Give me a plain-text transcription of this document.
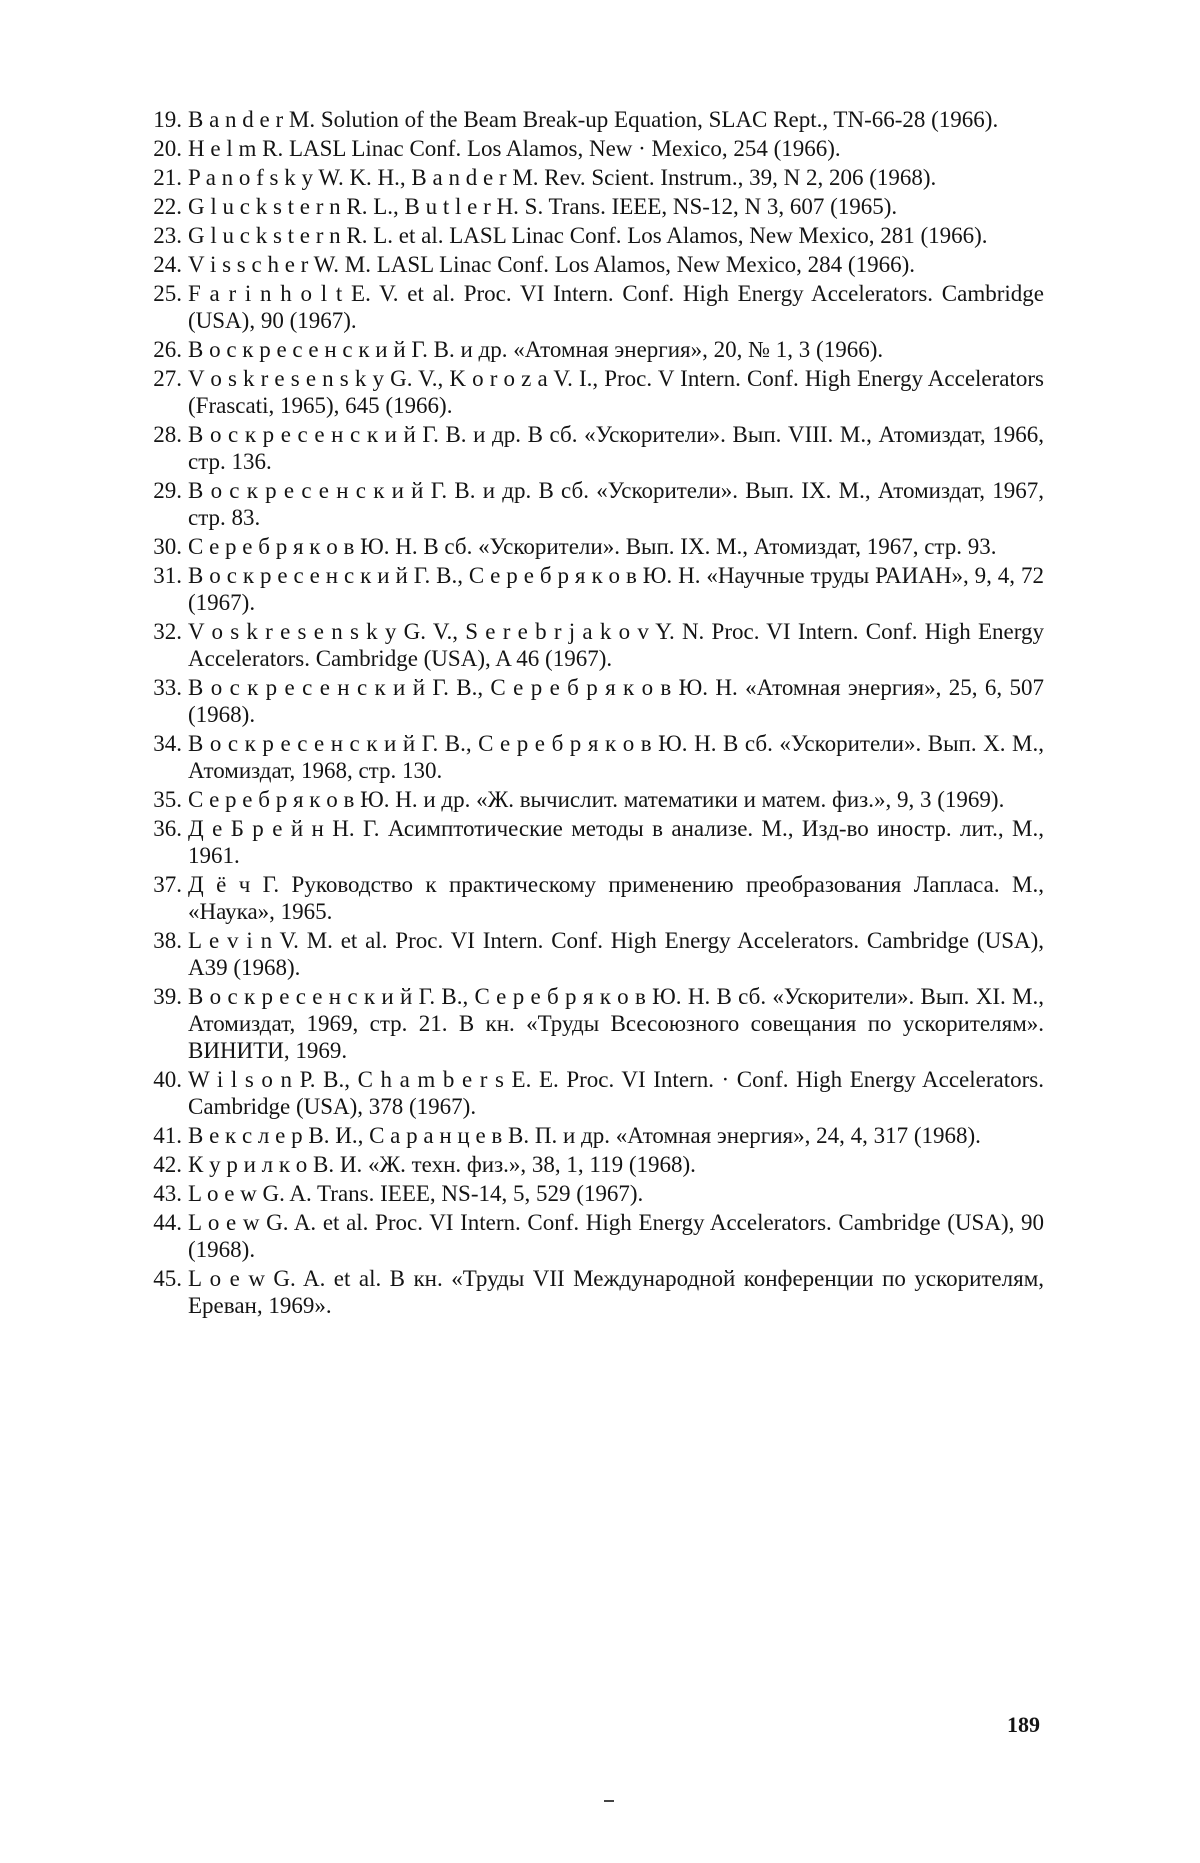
19. B a n d e r M. Solution of the Beam Break-up Equation, SLAC Rept., TN-66-28 (1966).
20. H e l m R. LASL Linac Conf. Los Alamos, New · Mexico, 254 (1966).
21. P a n o f s k y W. K. H., B a n d e r M. Rev. Scient. Instrum., 39, N 2, 206 (1968).
22. G l u c k s t e r n R. L., B u t l e r H. S. Trans. IEEE, NS-12, N 3, 607 (1965).
23. G l u c k s t e r n R. L. et al. LASL Linac Conf. Los Alamos, New Mexico, 281 (1966).
24. V i s s c h e r W. M. LASL Linac Conf. Los Alamos, New Mexico, 284 (1966).
25. F a r i n h o l t E. V. et al. Proc. VI Intern. Conf. High Energy Accelerators. Cambridge (USA), 90 (1967).
26. В о с к р е с е н с к и й Г. В. и др. «Атомная энергия», 20, № 1, 3 (1966).
27. V o s k r e s e n s k y G. V., K o r o z a V. I., Proc. V Intern. Conf. High Energy Accelerators (Frascati, 1965), 645 (1966).
28. В о с к р е с е н с к и й Г. В. и др. В сб. «Ускорители». Вып. VIII. М., Атомиздат, 1966, стр. 136.
29. В о с к р е с е н с к и й Г. В. и др. В сб. «Ускорители». Вып. IX. М., Атомиздат, 1967, стр. 83.
30. С е р е б р я к о в Ю. Н. В сб. «Ускорители». Вып. IX. М., Атомиздат, 1967, стр. 93.
31. В о с к р е с е н с к и й Г. В., С е р е б р я к о в Ю. Н. «Научные труды РАИАН», 9, 4, 72 (1967).
32. V o s k r e s e n s k y G. V., S e r e b r j a k o v Y. N. Proc. VI Intern. Conf. High Energy Accelerators. Cambridge (USA), A 46 (1967).
33. В о с к р е с е н с к и й Г. В., С е р е б р я к о в Ю. Н. «Атомная энергия», 25, 6, 507 (1968).
34. В о с к р е с е н с к и й Г. В., С е р е б р я к о в Ю. Н. В сб. «Ускорители». Вып. X. М., Атомиздат, 1968, стр. 130.
35. С е р е б р я к о в Ю. Н. и др. «Ж. вычислит. математики и матем. физ.», 9, 3 (1969).
36. Д е Б р е й н Н. Г. Асимптотические методы в анализе. М., Изд-во иностр. лит., М., 1961.
37. Д ё ч Г. Руководство к практическому применению преобразования Лапласа. М., «Наука», 1965.
38. L e v i n V. M. et al. Proc. VI Intern. Conf. High Energy Accelerators. Cambridge (USA), A39 (1968).
39. В о с к р е с е н с к и й Г. В., С е р е б р я к о в Ю. Н. В сб. «Ускорители». Вып. XI. М., Атомиздат, 1969, стр. 21. В кн. «Труды Всесоюзного совещания по ускорителям». ВИНИТИ, 1969.
40. W i l s o n P. B., C h a m b e r s E. E. Proc. VI Intern. · Conf. High Energy Accelerators. Cambridge (USA), 378 (1967).
41. В е к с л е р В. И., С а р а н ц е в В. П. и др. «Атомная энергия», 24, 4, 317 (1968).
42. К у р и л к о В. И. «Ж. техн. физ.», 38, 1, 119 (1968).
43. L o e w G. A. Trans. IEEE, NS-14, 5, 529 (1967).
44. L o e w G. A. et al. Proc. VI Intern. Conf. High Energy Accelerators. Cambridge (USA), 90 (1968).
45. L o e w G. A. et al. В кн. «Труды VII Международной конференции по ускорителям, Ереван, 1969».
189
